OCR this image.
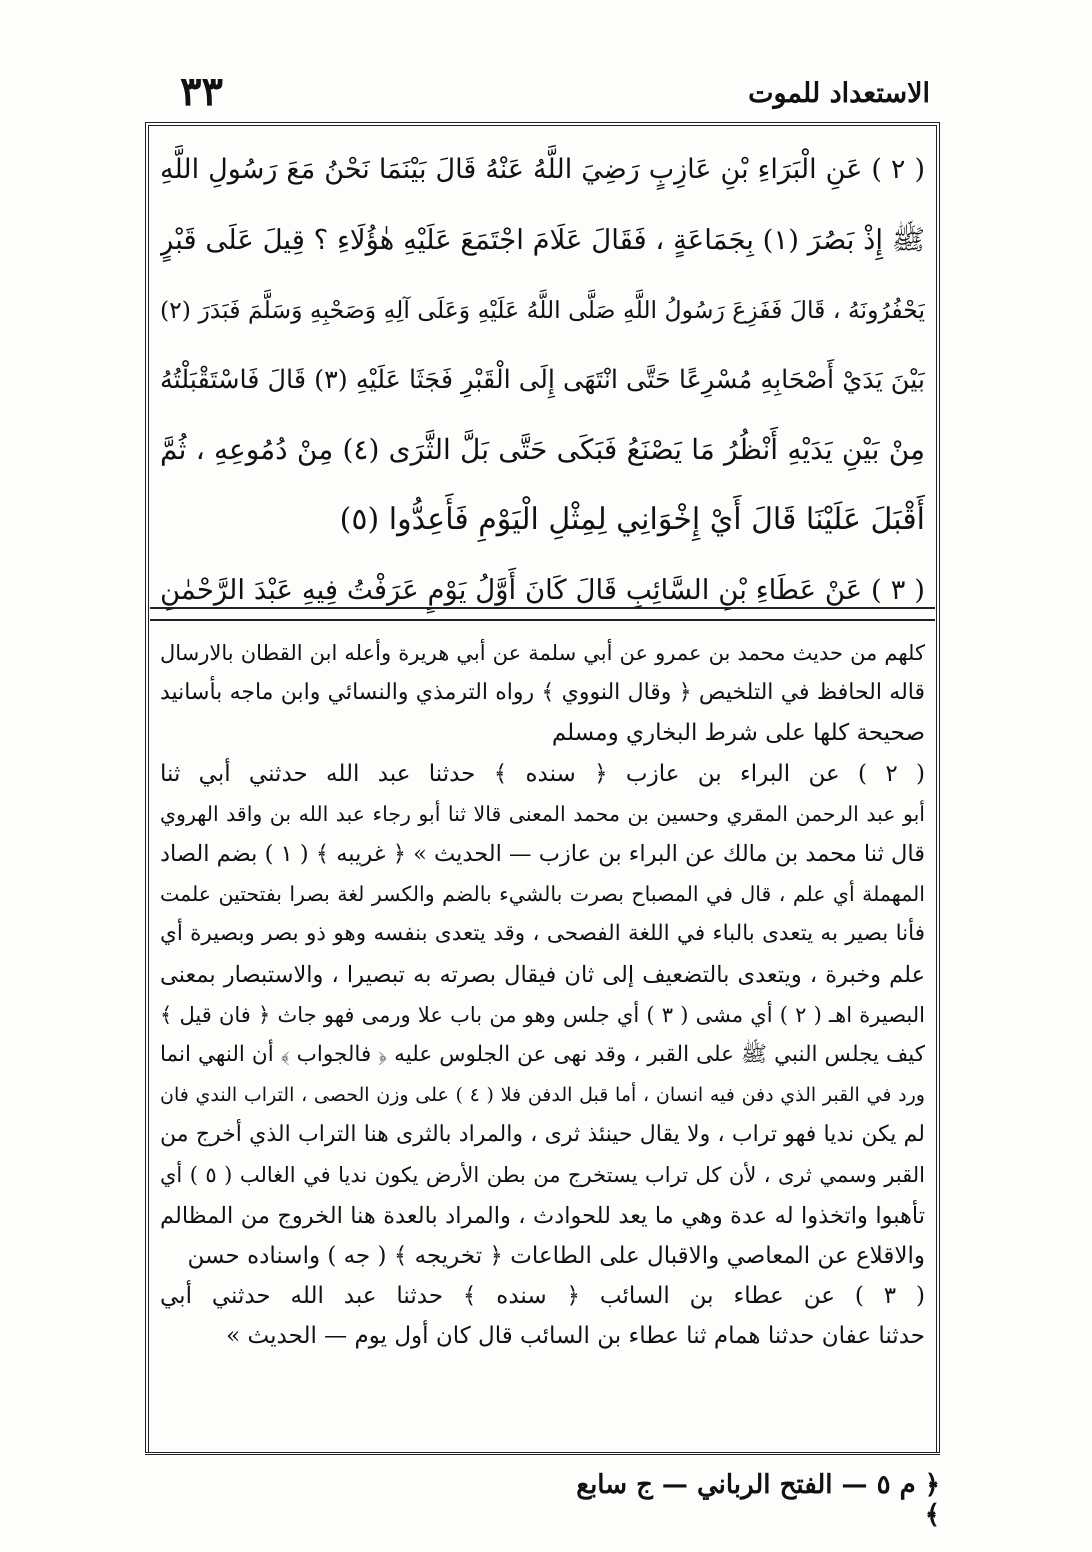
٣٣	الاستعداد للموت
( ٢ ) عَنِ الْبَرَاءِ بْنِ عَازِبٍ رَضِيَ اللَّهُ عَنْهُ قَالَ بَيْنَمَا نَحْنُ مَعَ رَسُولِ اللَّهِ
ﷺ إِذْ بَصُرَ (١) بِجَمَاعَةٍ ، فَقَالَ عَلَامَ اجْتَمَعَ عَلَيْهِ هٰؤُلَاءِ ؟ قِيلَ عَلَى قَبْرٍ
يَحْفُرُونَهُ ، قَالَ فَفَزِعَ رَسُولُ اللَّهِ صَلَّى اللَّهُ عَلَيْهِ وَعَلَى آلِهِ وَصَحْبِهِ وَسَلَّمَ فَبَدَرَ (٢)
بَيْنَ يَدَيْ أَصْحَابِهِ مُسْرِعًا حَتَّى انْتَهَى إِلَى الْقَبْرِ فَجَثَا عَلَيْهِ (٣) قَالَ فَاسْتَقْبَلْتُهُ
مِنْ بَيْنِ يَدَيْهِ أَنْظُرُ مَا يَصْنَعُ فَبَكَى حَتَّى بَلَّ الثَّرَى (٤) مِنْ دُمُوعِهِ ، ثُمَّ
أَقْبَلَ عَلَيْنَا قَالَ أَيْ إِخْوَانِي لِمِثْلِ الْيَوْمِ فَأَعِدُّوا (٥)
( ٣ ) عَنْ عَطَاءِ بْنِ السَّائِبِ قَالَ كَانَ أَوَّلُ يَوْمٍ عَرَفْتُ فِيهِ عَبْدَ الرَّحْمٰنِ
كلهم من حديث محمد بن عمرو عن أبي سلمة عن أبي هريرة وأعله ابن القطان بالارسال
قاله الحافظ في التلخيص ﴿ وقال النووي ﴾ رواه الترمذي والنسائي وابن ماجه بأسانيد
صحيحة كلها على شرط البخاري ومسلم
( ٢ ) عن البراء بن عازب ﴿ سنده ﴾ حدثنا عبد الله حدثني أبي ثنا
أبو عبد الرحمن المقري وحسين بن محمد المعنى قالا ثنا أبو رجاء عبد الله بن واقد الهروي
قال ثنا محمد بن مالك عن البراء بن عازب — الحديث » ﴿ غريبه ﴾ ( ١ ) بضم الصاد
المهملة أي علم ، قال في المصباح بصرت بالشيء بالضم والكسر لغة بصرا بفتحتين علمت
فأنا بصير به يتعدى بالباء في اللغة الفصحى ، وقد يتعدى بنفسه وهو ذو بصر وبصيرة أي
علم وخبرة ، ويتعدى بالتضعيف إلى ثان فيقال بصرته به تبصيرا ، والاستبصار بمعنى
البصيرة اهـ ( ٢ ) أي مشى ( ٣ ) أي جلس وهو من باب علا ورمى فهو جاث ﴿ فان قيل ﴾
كيف يجلس النبي ﷺ على القبر ، وقد نهى عن الجلوس عليه ﴿ فالجواب ﴾ أن النهي انما
ورد في القبر الذي دفن فيه انسان ، أما قبل الدفن فلا ( ٤ ) على وزن الحصى ، التراب الندي فان
لم يكن نديا فهو تراب ، ولا يقال حينئذ ثرى ، والمراد بالثرى هنا التراب الذي أخرج من
القبر وسمي ثرى ، لأن كل تراب يستخرج من بطن الأرض يكون نديا في الغالب ( ٥ ) أي
تأهبوا واتخذوا له عدة وهي ما يعد للحوادث ، والمراد بالعدة هنا الخروج من المظالم
والاقلاع عن المعاصي والاقبال على الطاعات ﴿ تخريجه ﴾ ( جه ) واسناده حسن
( ٣ ) عن عطاء بن السائب ﴿ سنده ﴾ حدثنا عبد الله حدثني أبي
حدثنا عفان حدثنا همام ثنا عطاء بن السائب قال كان أول يوم — الحديث »
﴿ م ٥ — الفتح الرباني — ج سابع ﴾
